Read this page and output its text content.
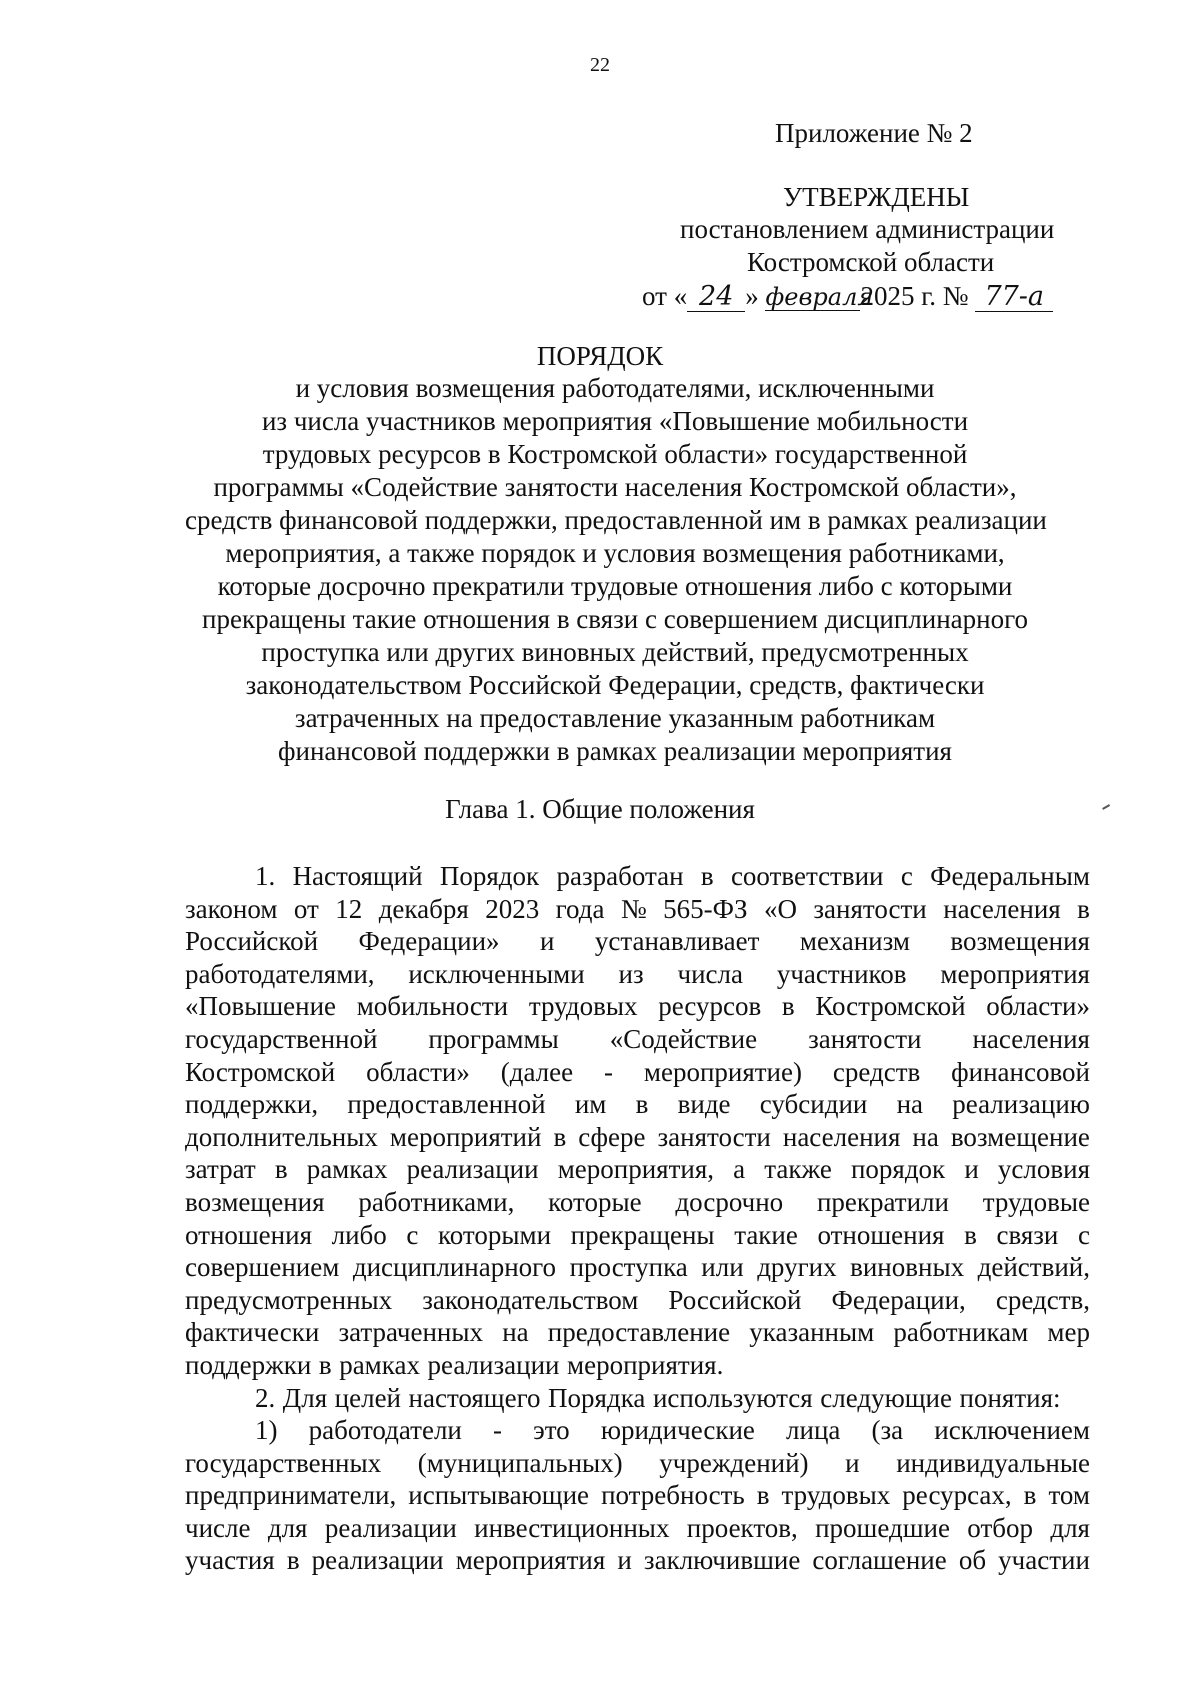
22
Приложение № 2
УТВЕРЖДЕНЫ
постановлением администрации
Костромской области
от « 24 » февраля2025 г. № 77-а
ПОРЯДОК
и условия возмещения работодателями, исключенными
из числа участников мероприятия «Повышение мобильности
трудовых ресурсов в Костромской области» государственной
программы «Содействие занятости населения Костромской области»,
средств финансовой поддержки, предоставленной им в рамках реализации
мероприятия, а также порядок и условия возмещения работниками,
которые досрочно прекратили трудовые отношения либо с которыми
прекращены такие отношения в связи с совершением дисциплинарного
проступка или других виновных действий, предусмотренных
законодательством Российской Федерации, средств, фактически
затраченных на предоставление указанным работникам
финансовой поддержки в рамках реализации мероприятия
Глава 1. Общие положения
1. Настоящий Порядок разработан в соответствии с Федеральным
законом от 12 декабря 2023 года № 565-ФЗ «О занятости населения в
Российской Федерации» и устанавливает механизм возмещения
работодателями, исключенными из числа участников мероприятия
«Повышение мобильности трудовых ресурсов в Костромской области»
государственной программы «Содействие занятости населения
Костромской области» (далее - мероприятие) средств финансовой
поддержки, предоставленной им в виде субсидии на реализацию
дополнительных мероприятий в сфере занятости населения на возмещение
затрат в рамках реализации мероприятия, а также порядок и условия
возмещения работниками, которые досрочно прекратили трудовые
отношения либо с которыми прекращены такие отношения в связи с
совершением дисциплинарного проступка или других виновных действий,
предусмотренных законодательством Российской Федерации, средств,
фактически затраченных на предоставление указанным работникам мер
поддержки в рамках реализации мероприятия.
2. Для целей настоящего Порядка используются следующие понятия:
1) работодатели - это юридические лица (за исключением
государственных (муниципальных) учреждений) и индивидуальные
предприниматели, испытывающие потребность в трудовых ресурсах, в том
числе для реализации инвестиционных проектов, прошедшие отбор для
участия в реализации мероприятия и заключившие соглашение об участии
